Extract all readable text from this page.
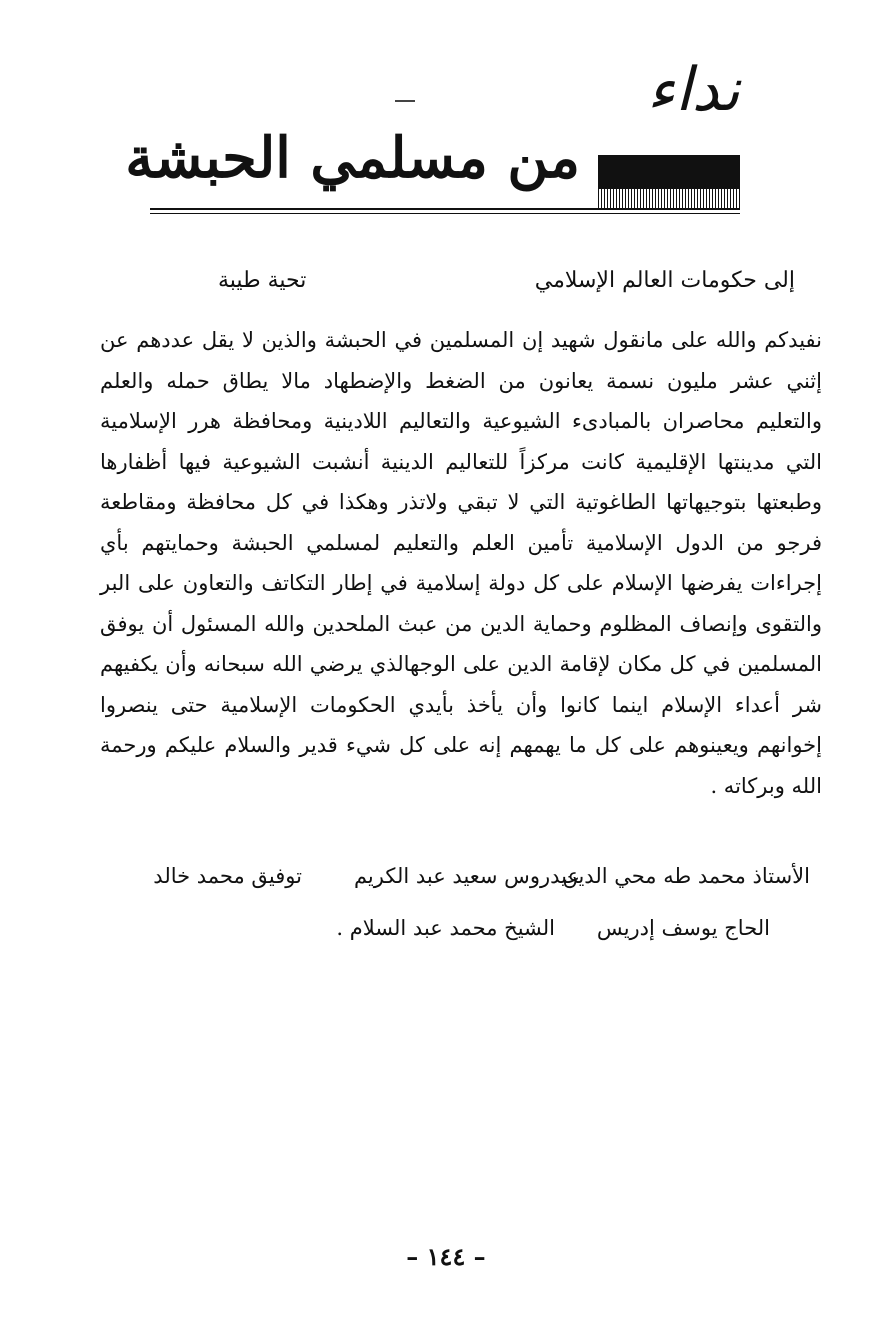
نداء
من مسلمي الحبشة
إلى حكومات العالم الإسلامي
تحية طيبة
نفيدكم والله على مانقول شهيد إن المسلمين في الحبشة والذين لا يقل عددهم عن إثني عشر مليون نسمة يعانون من الضغط والإضطهاد مالا يطاق حمله والعلم والتعليم محاصران بالمبادىء الشيوعية والتعاليم اللادينية ومحافظة هرر الإسلامية التي مدينتها الإقليمية كانت مركزاً للتعاليم الدينية أنشبت الشيوعية فيها أظفارها وطبعتها بتوجيهاتها الطاغوتية التي لا تبقي ولاتذر وهكذا في كل محافظة ومقاطعة فرجو من الدول الإسلامية تأمين العلم والتعليم لمسلمي الحبشة وحمايتهم بأي إجراءات يفرضها الإسلام على كل دولة إسلامية في إطار التكاتف والتعاون على البر والتقوى وإنصاف المظلوم وحماية الدين من عبث الملحدين والله المسئول أن يوفق المسلمين في كل مكان لإقامة الدين على الوجهالذي يرضي الله سبحانه وأن يكفيهم شر أعداء الإسلام اينما كانوا وأن يأخذ بأيدي الحكومات الإسلامية حتى ينصروا إخوانهم ويعينوهم على كل ما يهمهم إنه على كل شيء قدير والسلام عليكم ورحمة الله وبركاته .
الأستاذ محمد طه محي الدين
عيدروس سعيد عبد الكريم
توفيق محمد خالد
الحاج يوسف إدريس
الشيخ محمد عبد السلام .
– ١٤٤ –
